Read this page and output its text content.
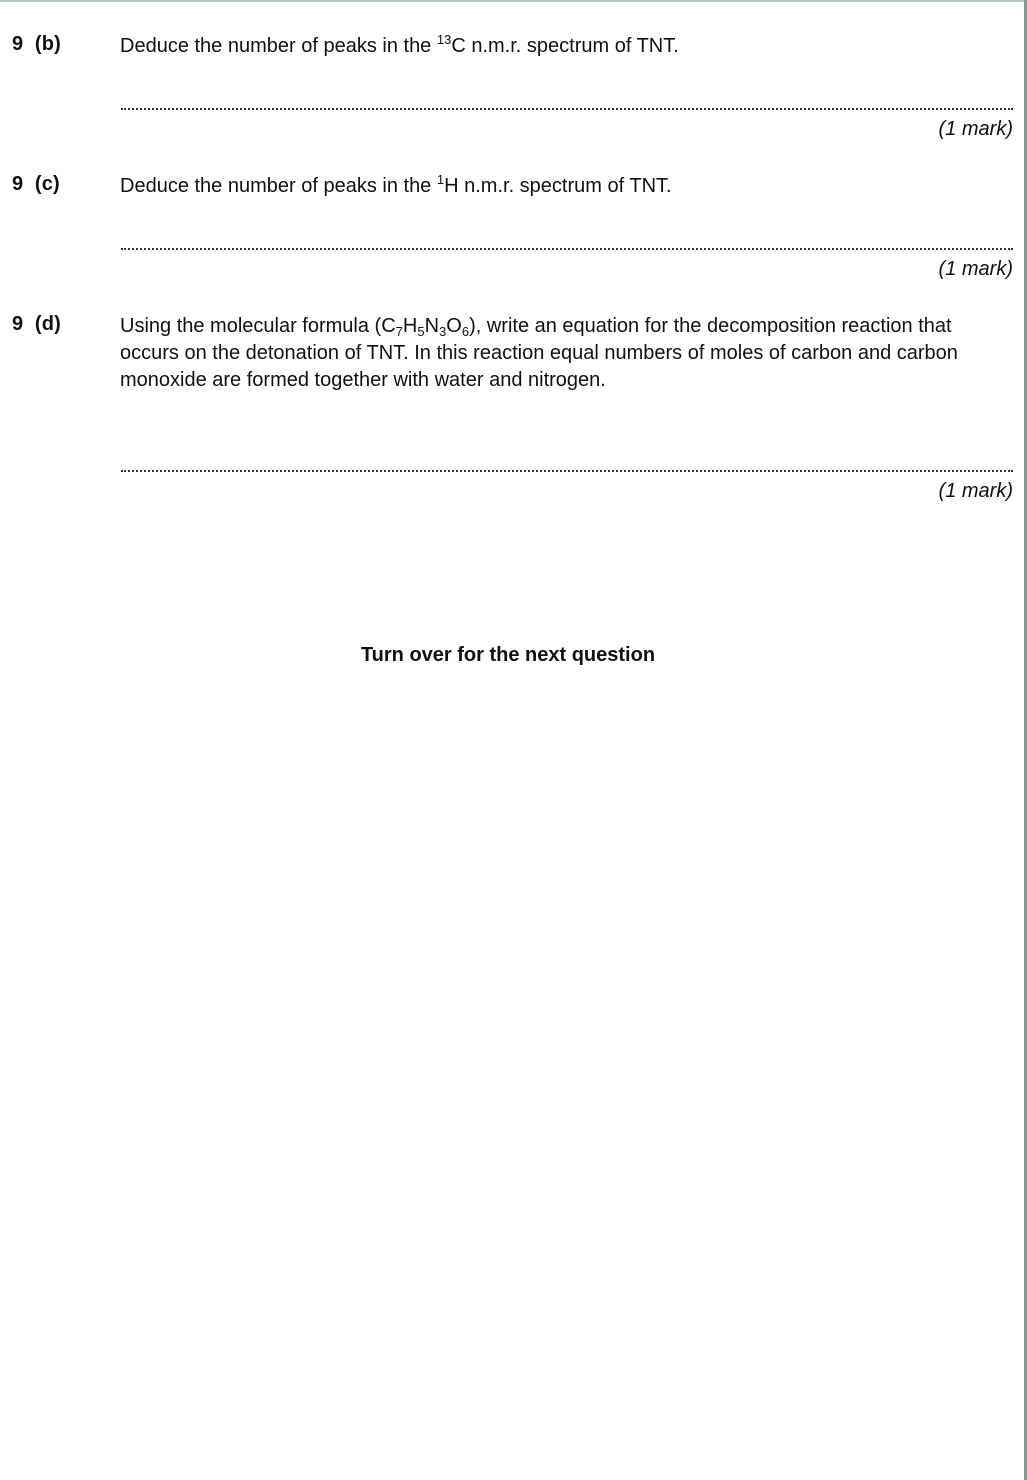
9 (b)	Deduce the number of peaks in the $^{13}$C n.m.r. spectrum of TNT.
(1 mark)
9 (c)	Deduce the number of peaks in the $^1$H n.m.r. spectrum of TNT.
(1 mark)
9 (d)	Using the molecular formula $(C_7H_5N_3O_6)$, write an equation for the decomposition reaction that occurs on the detonation of TNT. In this reaction equal numbers of moles of carbon and carbon monoxide are formed together with water and nitrogen.
(1 mark)
Turn over for the next question
